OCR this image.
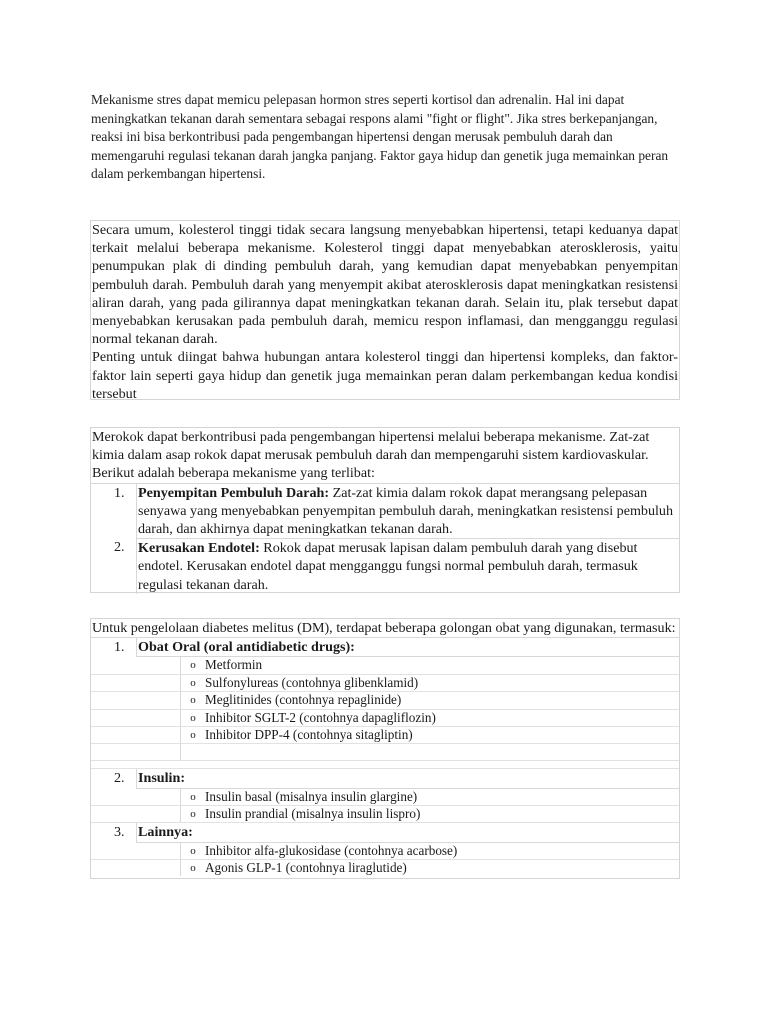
Mekanisme stres dapat memicu pelepasan hormon stres seperti kortisol dan adrenalin. Hal ini dapat meningkatkan tekanan darah sementara sebagai respons alami "fight or flight". Jika stres berkepanjangan, reaksi ini bisa berkontribusi pada pengembangan hipertensi dengan merusak pembuluh darah dan memengaruhi regulasi tekanan darah jangka panjang. Faktor gaya hidup dan genetik juga memainkan peran dalam perkembangan hipertensi.
Secara umum, kolesterol tinggi tidak secara langsung menyebabkan hipertensi, tetapi keduanya dapat terkait melalui beberapa mekanisme. Kolesterol tinggi dapat menyebabkan aterosklerosis, yaitu penumpukan plak di dinding pembuluh darah, yang kemudian dapat menyebabkan penyempitan pembuluh darah. Pembuluh darah yang menyempit akibat aterosklerosis dapat meningkatkan resistensi aliran darah, yang pada gilirannya dapat meningkatkan tekanan darah. Selain itu, plak tersebut dapat menyebabkan kerusakan pada pembuluh darah, memicu respon inflamasi, dan mengganggu regulasi normal tekanan darah.
Penting untuk diingat bahwa hubungan antara kolesterol tinggi dan hipertensi kompleks, dan faktor-faktor lain seperti gaya hidup dan genetik juga memainkan peran dalam perkembangan kedua kondisi tersebut
Merokok dapat berkontribusi pada pengembangan hipertensi melalui beberapa mekanisme. Zat-zat kimia dalam asap rokok dapat merusak pembuluh darah dan mempengaruhi sistem kardiovaskular. Berikut adalah beberapa mekanisme yang terlibat:
1. Penyempitan Pembuluh Darah: Zat-zat kimia dalam rokok dapat merangsang pelepasan senyawa yang menyebabkan penyempitan pembuluh darah, meningkatkan resistensi pembuluh darah, dan akhirnya dapat meningkatkan tekanan darah.
2. Kerusakan Endotel: Rokok dapat merusak lapisan dalam pembuluh darah yang disebut endotel. Kerusakan endotel dapat mengganggu fungsi normal pembuluh darah, termasuk regulasi tekanan darah.
Untuk pengelolaan diabetes melitus (DM), terdapat beberapa golongan obat yang digunakan, termasuk:
1. Obat Oral (oral antidiabetic drugs):
o Metformin
o Sulfonylureas (contohnya glibenklamid)
o Meglitinides (contohnya repaglinide)
o Inhibitor SGLT-2 (contohnya dapagliflozin)
o Inhibitor DPP-4 (contohnya sitagliptin)
2. Insulin:
o Insulin basal (misalnya insulin glargine)
o Insulin prandial (misalnya insulin lispro)
3. Lainnya:
o Inhibitor alfa-glukosidase (contohnya acarbose)
o Agonis GLP-1 (contohnya liraglutide)
